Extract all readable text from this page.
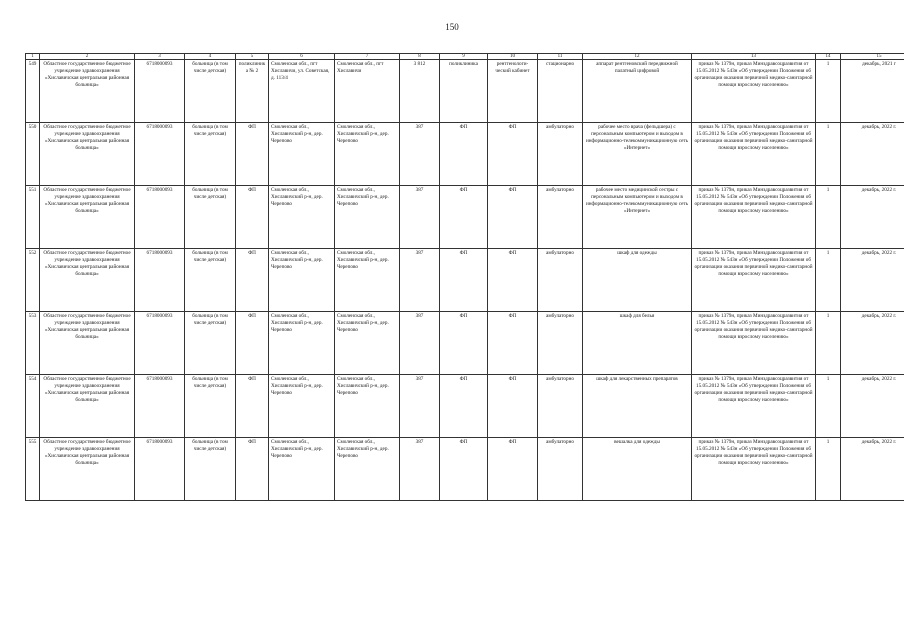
150
1	2	3	4	5	6	7	8	9	10	11	12	13	14	15
549	Областное государственное бюджетное учреждение здравоохранения «Хиславичская центральная районная больница»	6718000093	больница (в том числе детская)	поликлиника № 2	Смоленская обл., пгт Хиславичи, ул. Советская, д. 113/4	Смоленская обл., пгт Хиславичи	3 812	поликлиника	рентгенологи-ческий кабинет	стационарно	аппарат рентгеновский передвижной палатный цифровой	приказ № 1379н, приказ Минздравсоцразвития от 15.05.2012 № 543н «Об утверждении Положения об организации оказания первичной медико-санитарной помощи взрослому населению»	1	декабрь, 2021 г
550	Областное государственное бюджетное учреждение здравоохранения «Хиславичская центральная районная больница»	6718000093	больница (в том числе детская)	ФП	Смоленская обл., Хиславичский р-н, дер. Черепово	Смоленская обл., Хиславичский р-н, дер. Черепово	387	ФП	ФП	амбулаторно	рабочее место врача (фельдшера) с персональным компьютером и выходом в информационно-телекоммуникационную сеть «Интернет»	приказ № 1379н, приказ Минздравсоцразвития от 15.05.2012 № 543н «Об утверждении Положения об организации оказания первичной медико-санитарной помощи взрослому населению»	1	декабрь, 2022 г.
551	Областное государственное бюджетное учреждение здравоохранения «Хиславичская центральная районная больница»	6718000093	больница (в том числе детская)	ФП	Смоленская обл., Хиславичский р-н, дер. Черепово	Смоленская обл., Хиславичский р-н, дер. Черепово	387	ФП	ФП	амбулаторно	рабочее место медицинской сестры с персональным компьютером и выходом в информационно-телекоммуникационную сеть «Интернет»	приказ № 1379н, приказ Минздравсоцразвития от 15.05.2012 № 543н «Об утверждении Положения об организации оказания первичной медико-санитарной помощи взрослому населению»	1	декабрь, 2022 г.
552	Областное государственное бюджетное учреждение здравоохранения «Хиславичская центральная районная больница»	6718000093	больница (в том числе детская)	ФП	Смоленская обл., Хиславичский р-н, дер. Черепово	Смоленская обл., Хиславичский р-н, дер. Черепово	387	ФП	ФП	амбулаторно	шкаф для одежды	приказ № 1379н, приказ Минздравсоцразвития от 15.05.2012 № 543н «Об утверждении Положения об организации оказания первичной медико-санитарной помощи взрослому населению»	1	декабрь, 2022 г.
553	Областное государственное бюджетное учреждение здравоохранения «Хиславичская центральная районная больница»	6718000093	больница (в том числе детская)	ФП	Смоленская обл., Хиславичский р-н, дер. Черепово	Смоленская обл., Хиславичский р-н, дер. Черепово	387	ФП	ФП	амбулаторно	шкаф для белья	приказ № 1379н, приказ Минздравсоцразвития от 15.05.2012 № 543н «Об утверждении Положения об организации оказания первичной медико-санитарной помощи взрослому населению»	1	декабрь, 2022 г.
554	Областное государственное бюджетное учреждение здравоохранения «Хиславичская центральная районная больница»	6718000093	больница (в том числе детская)	ФП	Смоленская обл., Хиславичский р-н, дер. Черепово	Смоленская обл., Хиславичский р-н, дер. Черепово	387	ФП	ФП	амбулаторно	шкаф для лекарственных препаратов	приказ № 1379н, приказ Минздравсоцразвития от 15.05.2012 № 543н «Об утверждении Положения об организации оказания первичной медико-санитарной помощи взрослому населению»	1	декабрь, 2022 г.
555	Областное государственное бюджетное учреждение здравоохранения «Хиславичская центральная районная больница»	6718000093	больница (в том числе детская)	ФП	Смоленская обл., Хиславичский р-н, дер. Черепово	Смоленская обл., Хиславичский р-н, дер. Черепово	387	ФП	ФП	амбулаторно	вешалка для одежды	приказ № 1379н, приказ Минздравсоцразвития от 15.05.2012 № 543н «Об утверждении Положения об организации оказания первичной медико-санитарной помощи взрослому населению»	1	декабрь, 2022 г.
